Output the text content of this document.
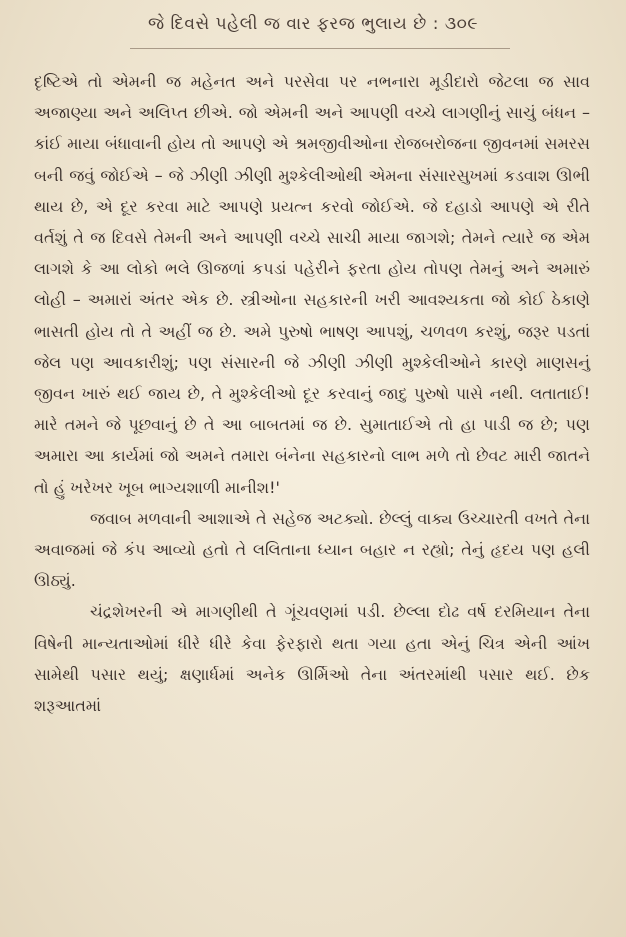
જે દિવસે પહેલી જ વાર ફરજ ભુલાય છે : ૩૦૯

દૃષ્ટિએ તો એમની જ મહેનત અને પરસેવા પર નભનારા મૂડીદારો જેટલા જ સાવ અજાણ્યા અને અલિપ્ત છીએ. જો એમની અને આપણી વચ્ચે લાગણીનું સાચું બંધન – કાંઈ માયા બંધાવાની હોય તો આપણે એ શ્રમજીવીઓના રોજબરોજના જીવનમાં સમરસ બની જવું જોઈએ – જે ઝીણી ઝીણી મુશ્કેલીઓથી એમના સંસારસુખમાં કડવાશ ઊભી થાય છે, એ દૂર કરવા માટે આપણે પ્રયત્ન કરવો જોઈએ. જે દહાડો આપણે એ રીતે વર્તશું તે જ દિવસે તેમની અને આપણી વચ્ચે સાચી માયા જાગશે; તેમને ત્યારે જ એમ લાગશે કે આ લોકો ભલે ઊજળાં કપડાં પહેરીને ફરતા હોય તોપણ તેમનું અને અમારું લોહી – અમારાં અંતર એક છે. સ્ત્રીઓના સહકારની ખરી આવશ્યકતા જો કોઈ ઠેકાણે ભાસતી હોય તો તે અહીં જ છે. અમે પુરુષો ભાષણ આપશું, ચળવળ કરશું, જરૂર પડતાં જેલ પણ આવકારીશું; પણ સંસારની જે ઝીણી ઝીણી મુશ્કેલીઓને કારણે માણસનું જીવન ખારું થઈ જાય છે, તે મુશ્કેલીઓ દૂર કરવાનું જાદુ પુરુષો પાસે નથી. લતાતાઈ! મારે તમને જે પૂછવાનું છે તે આ બાબતમાં જ છે. સુમાતાઈએ તો હા પાડી જ છે; પણ અમારા આ કાર્યમાં જો અમને તમારા બંનેના સહકારનો લાભ મળે તો છેવટ મારી જાતને તો હું ખરેખર ખૂબ ભાગ્યશાળી માનીશ!'

જવાબ મળવાની આશાએ તે સહેજ અટક્યો. છેલ્લું વાક્ય ઉચ્ચારતી વખતે તેના અવાજમાં જે કંપ આવ્યો હતો તે લલિતાના ધ્યાન બહાર ન રહ્યો; તેનું હૃદય પણ હલી ઊઠ્યું.

ચંદ્રશેખરની એ માગણીથી તે ગૂંચવણમાં પડી. છેલ્લા દોઢ વર્ષ દરમિયાન તેના વિષેની માન્યતાઓમાં ધીરે ધીરે કેવા ફેરફારો થતા ગયા હતા એનું ચિત્ર એની આંખ સામેથી પસાર થયું; ક્ષણાર્ધમાં અનેક ઊર્મિઓ તેના અંતરમાંથી પસાર થઈ. છેક શરૂઆતમાં
